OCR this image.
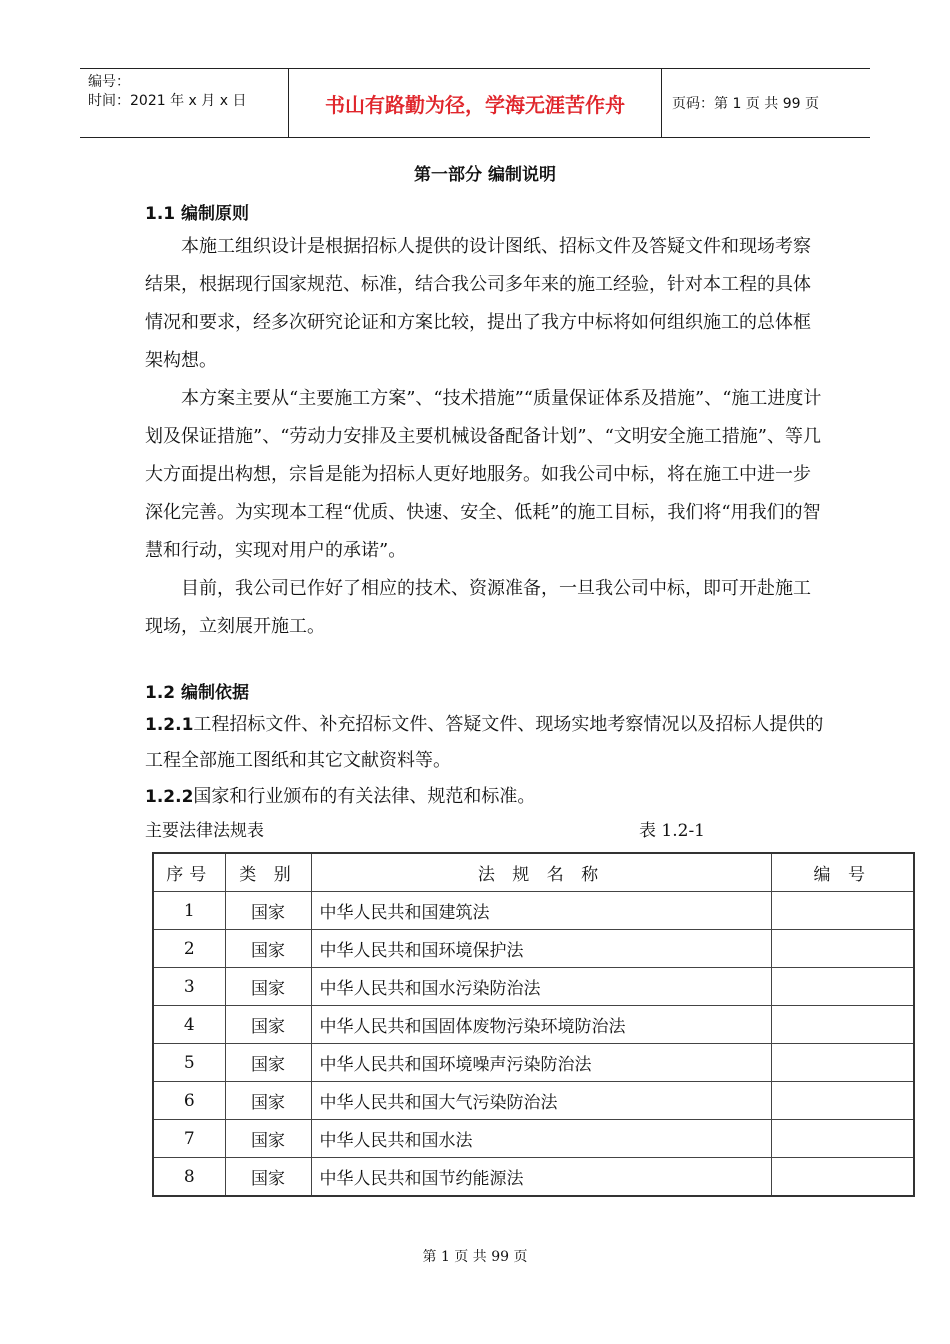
编号：
时间：2021 年 x 月 x 日	书山有路勤为径，学海无涯苦作舟	页码：第 1 页 共 99 页
第一部分 编制说明
1.1 编制原则

本施工组织设计是根据招标人提供的设计图纸、招标文件及答疑文件和现场考察结果，根据现行国家规范、标准，结合我公司多年来的施工经验，针对本工程的具体情况和要求，经多次研究论证和方案比较，提出了我方中标将如何组织施工的总体框架构想。

本方案主要从“主要施工方案”、“技术措施”“质量保证体系及措施”、“施工进度计划及保证措施”、“劳动力安排及主要机械设备配备计划”、“文明安全施工措施”、等几大方面提出构想，宗旨是能为招标人更好地服务。如我公司中标，将在施工中进一步深化完善。为实现本工程“优质、快速、安全、低耗”的施工目标，我们将“用我们的智慧和行动，实现对用户的承诺”。

目前，我公司已作好了相应的技术、资源准备，一旦我公司中标，即可开赴施工现场，立刻展开施工。

1.2 编制依据

1.2.1工程招标文件、补充招标文件、答疑文件、现场实地考察情况以及招标人提供的工程全部施工图纸和其它文献资料等。

1.2.2国家和行业颁布的有关法律、规范和标准。

主要法律法规表	表 1.2-1
序号	类 别	法 规 名 称	编 号
1	国家	中华人民共和国建筑法	
2	国家	中华人民共和国环境保护法	
3	国家	中华人民共和国水污染防治法	
4	国家	中华人民共和国固体废物污染环境防治法	
5	国家	中华人民共和国环境噪声污染防治法	
6	国家	中华人民共和国大气污染防治法	
7	国家	中华人民共和国水法	
8	国家	中华人民共和国节约能源法	
第 1 页 共 99 页
